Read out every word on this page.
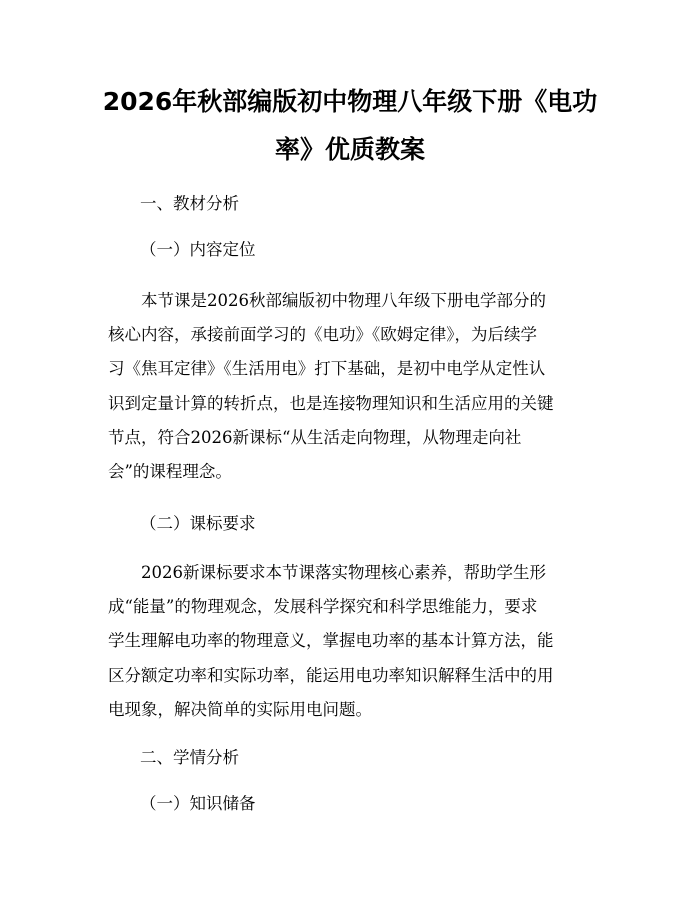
2026年秋部编版初中物理八年级下册《电功
率》优质教案

一、教材分析

（一）内容定位

本节课是2026秋部编版初中物理八年级下册电学部分的
核心内容，承接前面学习的《电功》《欧姆定律》，为后续学
习《焦耳定律》《生活用电》打下基础，是初中电学从定性认
识到定量计算的转折点，也是连接物理知识和生活应用的关键
节点，符合2026新课标“从生活走向物理，从物理走向社
会”的课程理念。

（二）课标要求

2026新课标要求本节课落实物理核心素养，帮助学生形
成“能量”的物理观念，发展科学探究和科学思维能力，要求
学生理解电功率的物理意义，掌握电功率的基本计算方法，能
区分额定功率和实际功率，能运用电功率知识解释生活中的用
电现象，解决简单的实际用电问题。

二、学情分析

（一）知识储备
